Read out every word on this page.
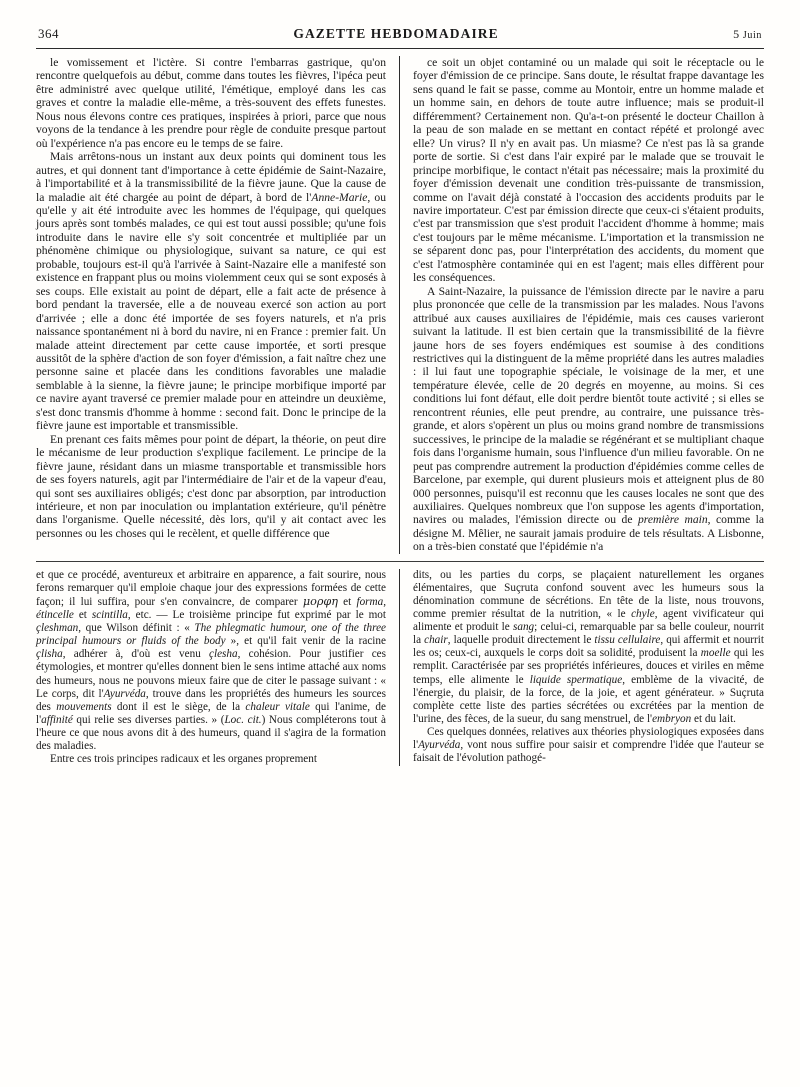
364	GAZETTE HEBDOMADAIRE	5 Juin

le vomissement et l'ictère. Si contre l'embarras gastrique, qu'on rencontre quelquefois au début, comme dans toutes les fièvres, l'ipéca peut être administré avec quelque utilité, l'émétique, employé dans les cas graves et contre la maladie elle-même, a très-souvent des effets funestes. Nous nous élevons contre ces pratiques, inspirées à priori, parce que nous voyons de la tendance à les prendre pour règle de conduite presque partout où l'expérience n'a pas encore eu le temps de se faire.

Mais arrêtons-nous un instant aux deux points qui dominent tous les autres, et qui donnent tant d'importance à cette épidémie de Saint-Nazaire, à l'importabilité et à la transmissibilité de la fièvre jaune. Que la cause de la maladie ait été chargée au point de départ, à bord de l'Anne-Marie, ou qu'elle y ait été introduite avec les hommes de l'équipage, qui quelques jours après sont tombés malades, ce qui est tout aussi possible; qu'une fois introduite dans le navire elle s'y soit concentrée et multipliée par un phénomène chimique ou physiologique, suivant sa nature, ce qui est probable, toujours est-il qu'à l'arrivée à Saint-Nazaire elle a manifesté son existence en frappant plus ou moins violemment ceux qui se sont exposés à ses coups. Elle existait au point de départ, elle a fait acte de présence à bord pendant la traversée, elle a de nouveau exercé son action au port d'arrivée ; elle a donc été importée de ses foyers naturels, et n'a pris naissance spontanément ni à bord du navire, ni en France : premier fait. Un malade atteint directement par cette cause importée, et sorti presque aussitôt de la sphère d'action de son foyer d'émission, a fait naître chez une personne saine et placée dans les conditions favorables une maladie semblable à la sienne, la fièvre jaune; le principe morbifique importé par ce navire ayant traversé ce premier malade pour en atteindre un deuxième, s'est donc transmis d'homme à homme : second fait. Donc le principe de la fièvre jaune est importable et transmissible.

En prenant ces faits mêmes pour point de départ, la théorie, on peut dire le mécanisme de leur production s'explique facilement. Le principe de la fièvre jaune, résidant dans un miasme transportable et transmissible hors de ses foyers naturels, agit par l'intermédiaire de l'air et de la vapeur d'eau, qui sont ses auxiliaires obligés; c'est donc par absorption, par introduction intérieure, et non par inoculation ou implantation extérieure, qu'il pénètre dans l'organisme. Quelle nécessité, dès lors, qu'il y ait contact avec les personnes ou les choses qui le recèlent, et quelle différence que

ce soit un objet contaminé ou un malade qui soit le réceptacle ou le foyer d'émission de ce principe. Sans doute, le résultat frappe davantage les sens quand le fait se passe, comme au Montoir, entre un homme malade et un homme sain, en dehors de toute autre influence; mais se produit-il différemment? Certainement non. Qu'a-t-on présenté le docteur Chaillon à la peau de son malade en se mettant en contact répété et prolongé avec elle? Un virus? Il n'y en avait pas. Un miasme? Ce n'est pas là sa grande porte de sortie. Si c'est dans l'air expiré par le malade que se trouvait le principe morbifique, le contact n'était pas nécessaire; mais la proximité du foyer d'émission devenait une condition très-puissante de transmission, comme on l'avait déjà constaté à l'occasion des accidents produits par le navire importateur. C'est par émission directe que ceux-ci s'étaient produits, c'est par transmission que s'est produit l'accident d'homme à homme; mais c'est toujours par le même mécanisme. L'importation et la transmission ne se séparent donc pas, pour l'interprétation des accidents, du moment que c'est l'atmosphère contaminée qui en est l'agent; mais elles diffèrent pour les conséquences.

A Saint-Nazaire, la puissance de l'émission directe par le navire a paru plus prononcée que celle de la transmission par les malades. Nous l'avons attribué aux causes auxiliaires de l'épidémie, mais ces causes varieront suivant la latitude. Il est bien certain que la transmissibilité de la fièvre jaune hors de ses foyers endémiques est soumise à des conditions restrictives qui la distinguent de la même propriété dans les autres maladies : il lui faut une topographie spéciale, le voisinage de la mer, et une température élevée, celle de 20 degrés en moyenne, au moins. Si ces conditions lui font défaut, elle doit perdre bientôt toute activité ; si elles se rencontrent réunies, elle peut prendre, au contraire, une puissance très-grande, et alors s'opèrent un plus ou moins grand nombre de transmissions successives, le principe de la maladie se régénérant et se multipliant chaque fois dans l'organisme humain, sous l'influence d'un milieu favorable. On ne peut pas comprendre autrement la production d'épidémies comme celles de Barcelone, par exemple, qui durent plusieurs mois et atteignent plus de 80 000 personnes, puisqu'il est reconnu que les causes locales ne sont que des auxiliaires. Quelques nombreux que l'on suppose les agents d'importation, navires ou malades, l'émission directe ou de première main, comme la désigne M. Mêlier, ne saurait jamais produire de tels résultats. A Lisbonne, on a très-bien constaté que l'épidémie n'a

et que ce procédé, aventureux et arbitraire en apparence, a fait sourire, nous ferons remarquer qu'il emploie chaque jour des expressions formées de cette façon; il lui suffira, pour s'en convaincre, de comparer μορφη et forma, étincelle et scintilla, etc. — Le troisième principe fut exprimé par le mot çleshman, que Wilson définit : « The phlegmatic humour, one of the three principal humours or fluids of the body », et qu'il fait venir de la racine çlisha, adhérer à, d'où est venu çlesha, cohésion. Pour justifier ces étymologies, et montrer qu'elles donnent bien le sens intime attaché aux noms des humeurs, nous ne pouvons mieux faire que de citer le passage suivant : « Le corps, dit l'Ayurvéda, trouve dans les propriétés des humeurs les sources des mouvements dont il est le siège, de la chaleur vitale qui l'anime, de l'affinité qui relie ses diverses parties. » (Loc. cit.) Nous compléterons tout à l'heure ce que nous avons dit à des humeurs, quand il s'agira de la formation des maladies.

Entre ces trois principes radicaux et les organes proprement

dits, ou les parties du corps, se plaçaient naturellement les organes élémentaires, que Suçruta confond souvent avec les humeurs sous la dénomination commune de sécrétions. En tête de la liste, nous trouvons, comme premier résultat de la nutrition, « le chyle, agent vivificateur qui alimente et produit le sang; celui-ci, remarquable par sa belle couleur, nourrit la chair, laquelle produit directement le tissu cellulaire, qui affermit et nourrit les os; ceux-ci, auxquels le corps doit sa solidité, produisent la moelle qui les remplit. Caractérisée par ses propriétés inférieures, douces et viriles en même temps, elle alimente le liquide spermatique, emblème de la vivacité, de l'énergie, du plaisir, de la force, de la joie, et agent générateur. » Suçruta complète cette liste des parties sécrétées ou excrétées par la mention de l'urine, des fèces, de la sueur, du sang menstruel, de l'embryon et du lait.

Ces quelques données, relatives aux théories physiologiques exposées dans l'Ayurvéda, vont nous suffire pour saisir et comprendre l'idée que l'auteur se faisait de l'évolution pathogé-
